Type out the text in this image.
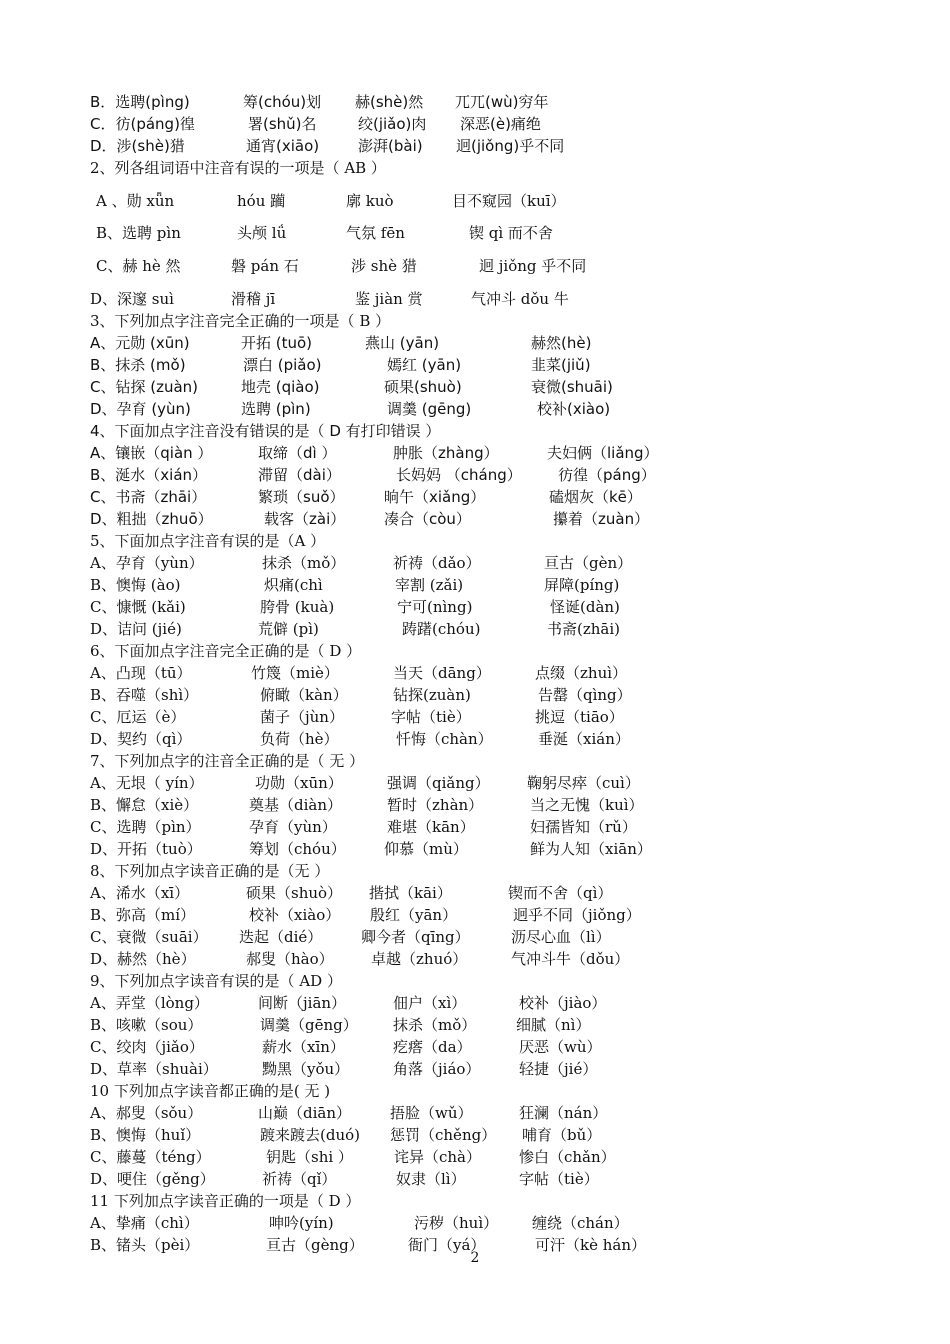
B．选聘(pìng)	筹(chóu)划 赫(shè)然 兀兀(wù)穷年
C．彷(páng)徨	署(shǔ)名	绞(jiǎo)肉 深恶(è)痛绝
D．涉(shè)猎	通宵(xiāo)	澎湃(bài) 迥(jiǒng)乎不同
2、列各组词语中注音有误的一项是（ AB ）
A 、勋 xǖn	hóu 躏	廓 kuò	目不窥园（kuī）
B、选聘 pìn	头颅 lǘ	气氛 fēn	锲 qì 而不舍
C、赫 hè 然	磐 pán 石	涉 shè 猎	迥 jiǒng 乎不同
D、深邃 suì	滑稽 jī	鉴 jiàn 赏	气冲斗 dǒu 牛
3、下列加点字注音完全正确的一项是（ B ）
A、元勋 (xūn)	开拓 (tuō)	燕山 (yān)	赫然(hè)
B、抹杀 (mǒ)	漂白 (piǎo)	嫣红 (yān)	韭菜(jiǔ)
C、钻探 (zuàn)	地壳 (qiào)	硕果(shuò)	衰微(shuāi)
D、孕育 (yùn)	选聘 (pìn)	调羹 (gēng)	校补(xiào)
4、下面加点字注音没有错误的是（ D 有打印错误 ）
A、镶嵌（qiàn ）	取缔（dì ）	肿胀（zhàng）	夫妇俩（liǎng）
B、涎水（xián）	滞留（dài）	长妈妈 （cháng） 彷徨（páng）
C、书斋（zhāi）	繁琐（suǒ）	晌午（xiǎng）	磕烟灰（kē）
D、粗拙（zhuō）	载客（zài）	凑合（còu）	攥着（zuàn）
5、下面加点字注音有误的是（A ）
A、孕育（yùn）	抹杀（mǒ）	祈祷（dǎo）	亘古（gèn）
B、懊悔 (ào)	炽痛(chì	宰割 (zǎi)	屏障(píng)
C、慷慨 (kǎi)	胯骨 (kuà)	宁可(nìng)	怪诞(dàn)
D、诘问 (jié)	荒僻 (pì)	踌躇(chóu)	书斋(zhāi)
6、下面加点字注音完全正确的是（ D ）
A、凸现（tū）	竹篾（miè）	当天（dāng）	点缀（zhuì）
B、吞噬（shì）	俯瞰（kàn）	钻探(zuàn)	告罄（qìng）
C、厄运（è）	菌子（jùn）	字帖（tiè）	挑逗（tiāo）
D、契约（qì）	负荷（hè）	忏悔（chàn）	垂涎（xián）
7、下列加点字的注音全正确的是（ 无 ）
A、无垠（ yín）	功勋（xūn）	强调（qiǎng） 鞠躬尽瘁（cuì）
B、懈怠（xiè）	奠基（diàn）	暂时（zhàn）	当之无愧（kuì）
C、选聘（pìn）	孕育（yùn）	难堪（kān）	妇孺皆知（rǔ）
D、开拓（tuò）	筹划（chóu）	仰慕（mù）	鲜为人知（xiān）
8、下列加点字读音正确的是（无 ）
A、浠水（xī）	硕果（shuò） 揩拭（kāi）	锲而不舍（qì）
B、弥高（mí）	校补（xiào） 殷红（yān）	迥乎不同（jiǒng）
C、衰微（suāi） 迭起（dié）	卿今者（qīng）	沥尽心血（lì）
D、赫然（hè）	郝叟（hào） 卓越（zhuó）	气冲斗牛（dǒu）
9、下列加点字读音有误的是（ AD ）
A、弄堂（lòng）	间断（jiān）	佃户（xì）	校补（jiào）
B、咳嗽（sou）	调羹（gēng） 抹杀（mǒ）	细腻（nì）
C、绞肉（jiǎo）	薪水（xīn）	疙瘩（da）	厌恶（wù）
D、草率（shuài）	黝黑（yǒu）	角落（jiáo）	轻捷（jié）
10 下列加点字读音都正确的是( 无 )
A、郝叟（sǒu）	山巅（diān）	捂脸（wǔ）	狂澜（nán）
B、懊悔（huǐ）	踱来踱去(duó) 惩罚（chěng） 哺育（bǔ）
C、藤蔓（téng）	钥匙（shi ）	诧异（chà）	惨白（chǎn）
D、哽住（gěng）	祈祷（qǐ）	奴隶（lì）	字帖（tiè）
11 下列加点字读音正确的一项是（ D ）
A、挚痛（chì）	呻吟(yín)	污秽（huì） 缠绕（chán）
B、锗头（pèi）	亘古（gèng）	衙门（yá）	可汗（kè hán）
2
